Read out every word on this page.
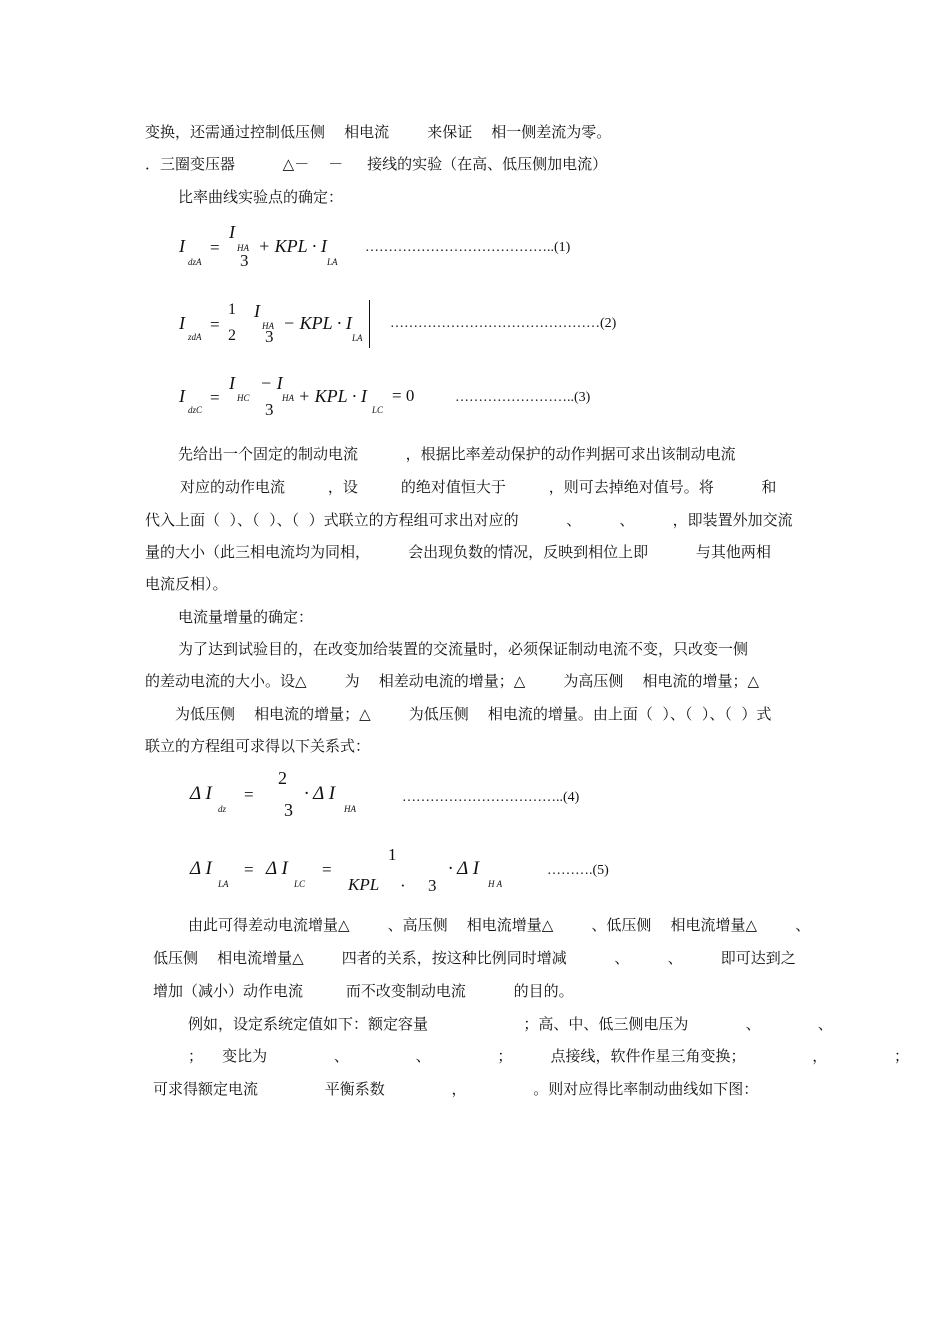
变换，还需通过控制低压侧    相电流        来保证    相一侧差流为零。
．三圈变压器          △－    －     接线的实验（在高、低压侧加电流）
比率曲线实验点的确定：
I
dzA
=
I
HA
3
+ KPL · I
LA
…………………………………..(1)
I
zdA
=
1
2
I
HA
3
− KPL · I
LA
………………………………………(2)
I
dzC
=
I
HC
− I
HA
3
+ KPL · I
LC
= 0	……………………..(3)
先给出一个固定的制动电流          ，根据比率差动保护的动作判据可求出该制动电流
对应的动作电流         ，设         的绝对值恒大于         ，则可去掉绝对值号。将          和
代入上面（  ）、（  ）、（  ）式联立的方程组可求出对应的          、        、        ，即装置外加交流
量的大小（此三相电流均为同相，        会出现负数的情况，反映到相位上即          与其他两相
电流反相）。
电流量增量的确定：
为了达到试验目的，在改变加给装置的交流量时，必须保证制动电流不变，只改变一侧
的差动电流的大小。设△        为    相差动电流的增量；△        为高压侧    相电流的增量；△
为低压侧    相电流的增量；△        为低压侧    相电流的增量。由上面（  ）、（  ）、（  ）式
联立的方程组可求得以下关系式：
Δ I
dz
=
2
3
· Δ I
HA
……………………………..(4)
Δ I
LA
= Δ I
LC
=
1
KPL · 3
· Δ I
H A
……….(5)
由此可得差动电流增量△        、高压侧    相电流增量△        、低压侧    相电流增量△        、
低压侧    相电流增量△        四者的关系，按这种比例同时增减          、        、        即可达到之
增加（减小）动作电流         而不改变制动电流          的目的。
例如，设定系统定值如下：额定容量                    ；高、中、低三侧电压为            、            、
；    变比为              、              、              ；        点接线，软件作星三角变换；              ，              ；
可求得额定电流              平衡系数              ，              。则对应得比率制动曲线如下图：
